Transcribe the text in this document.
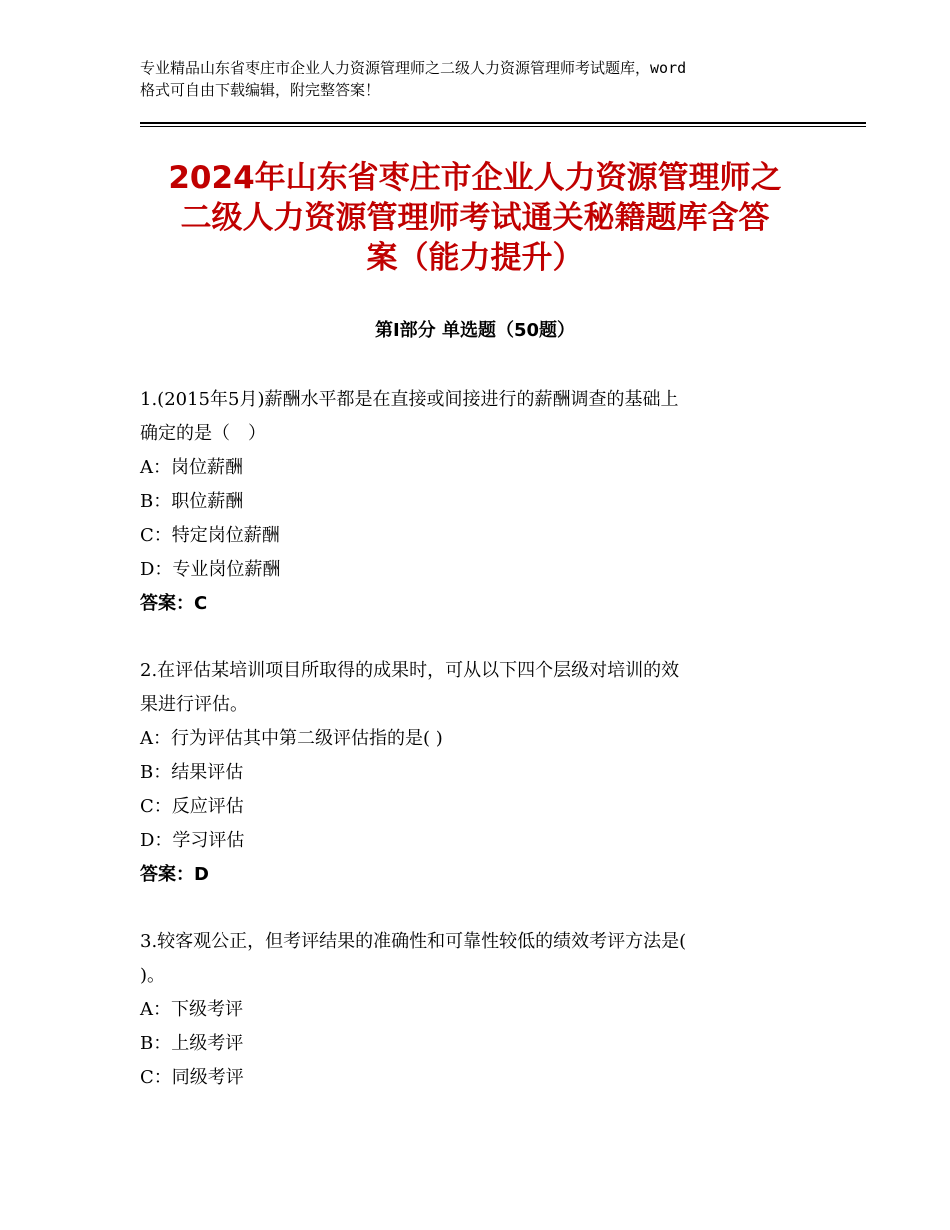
专业精品山东省枣庄市企业人力资源管理师之二级人力资源管理师考试题库，word
格式可自由下载编辑，附完整答案！
2024年山东省枣庄市企业人力资源管理师之
二级人力资源管理师考试通关秘籍题库含答
案（能力提升）
第Ⅰ部分 单选题（50题）
1.(2015年5月)薪酬水平都是在直接或间接进行的薪酬调查的基础上
确定的是（　）
A：岗位薪酬
B：职位薪酬
C：特定岗位薪酬
D：专业岗位薪酬
答案：C
2.在评估某培训项目所取得的成果时，可从以下四个层级对培训的效
果进行评估。
A：行为评估其中第二级评估指的是( )
B：结果评估
C：反应评估
D：学习评估
答案：D
3.较客观公正，但考评结果的准确性和可靠性较低的绩效考评方法是(
)。
A：下级考评
B：上级考评
C：同级考评
